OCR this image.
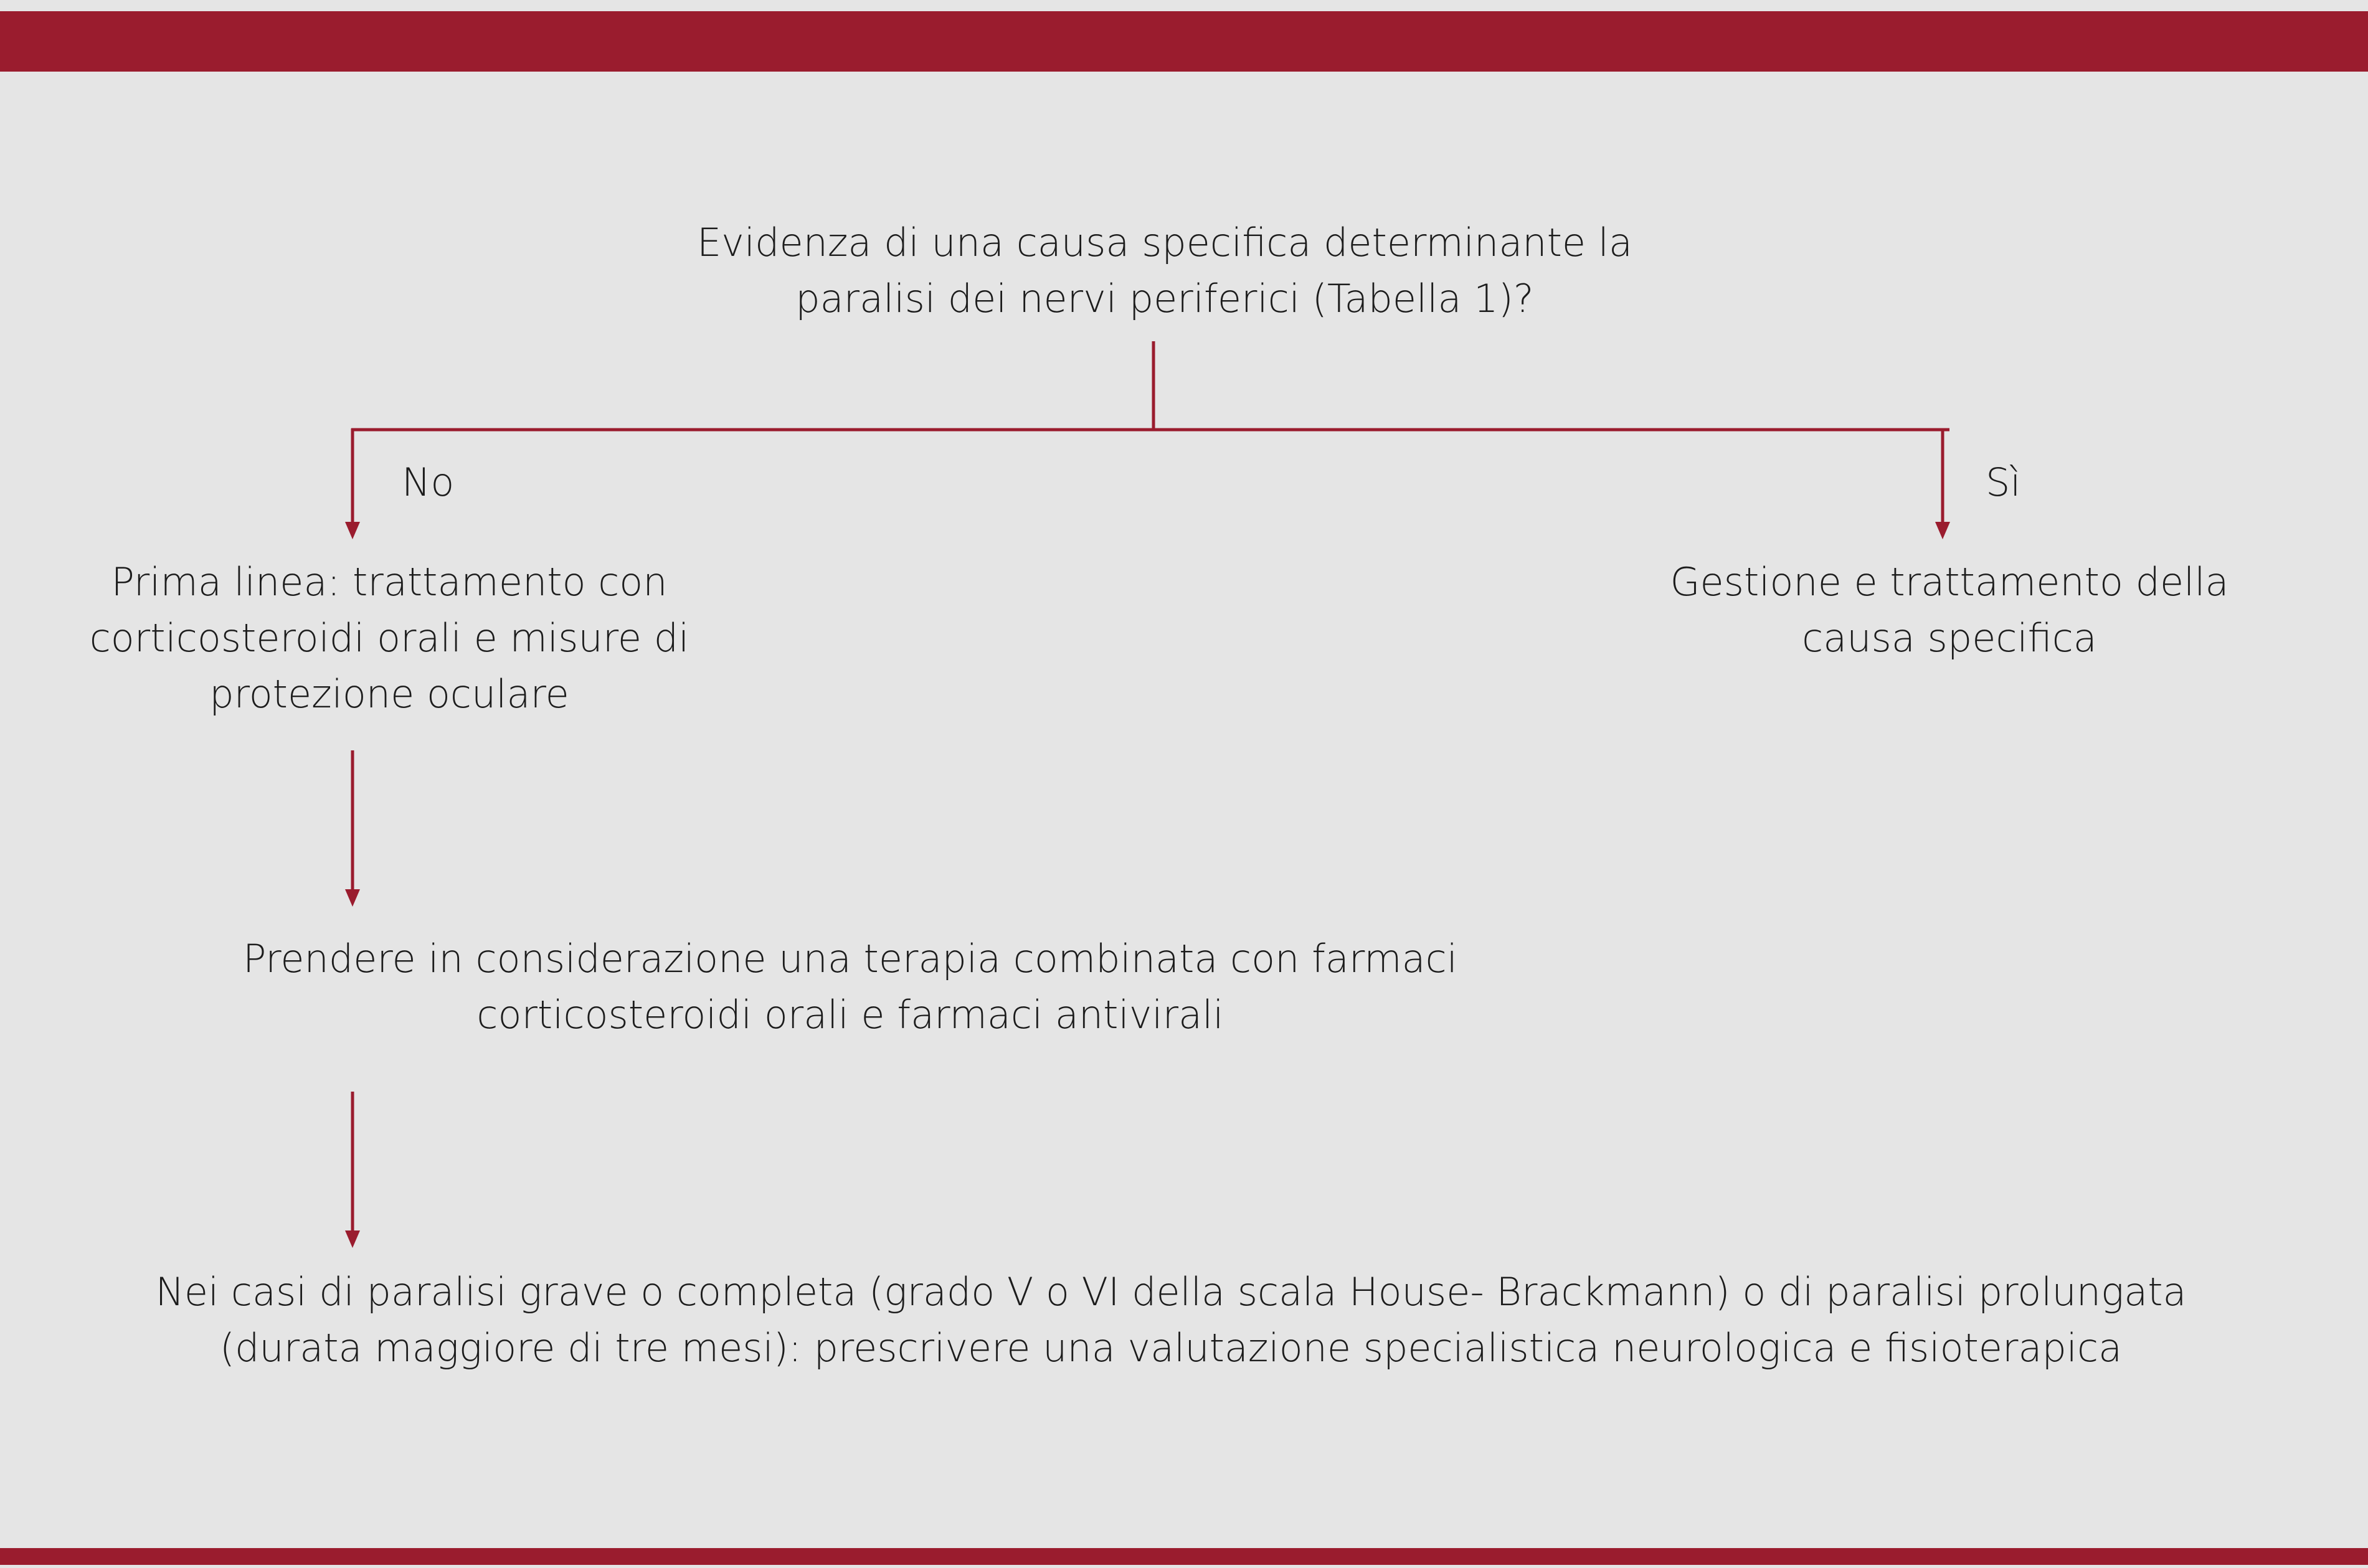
Evidenza di una causa specifica determinante la
paralisi dei nervi periferici (Tabella 1)?
No	Sì
Prima linea: trattamento con
corticosteroidi orali e misure di
protezione oculare
Gestione e trattamento della
causa specifica
Prendere in considerazione una terapia combinata con farmaci
corticosteroidi orali e farmaci antivirali
Nei casi di paralisi grave o completa (grado V o VI della scala House- Brackmann) o di paralisi prolungata
(durata maggiore di tre mesi): prescrivere una valutazione specialistica neurologica e fisioterapica
